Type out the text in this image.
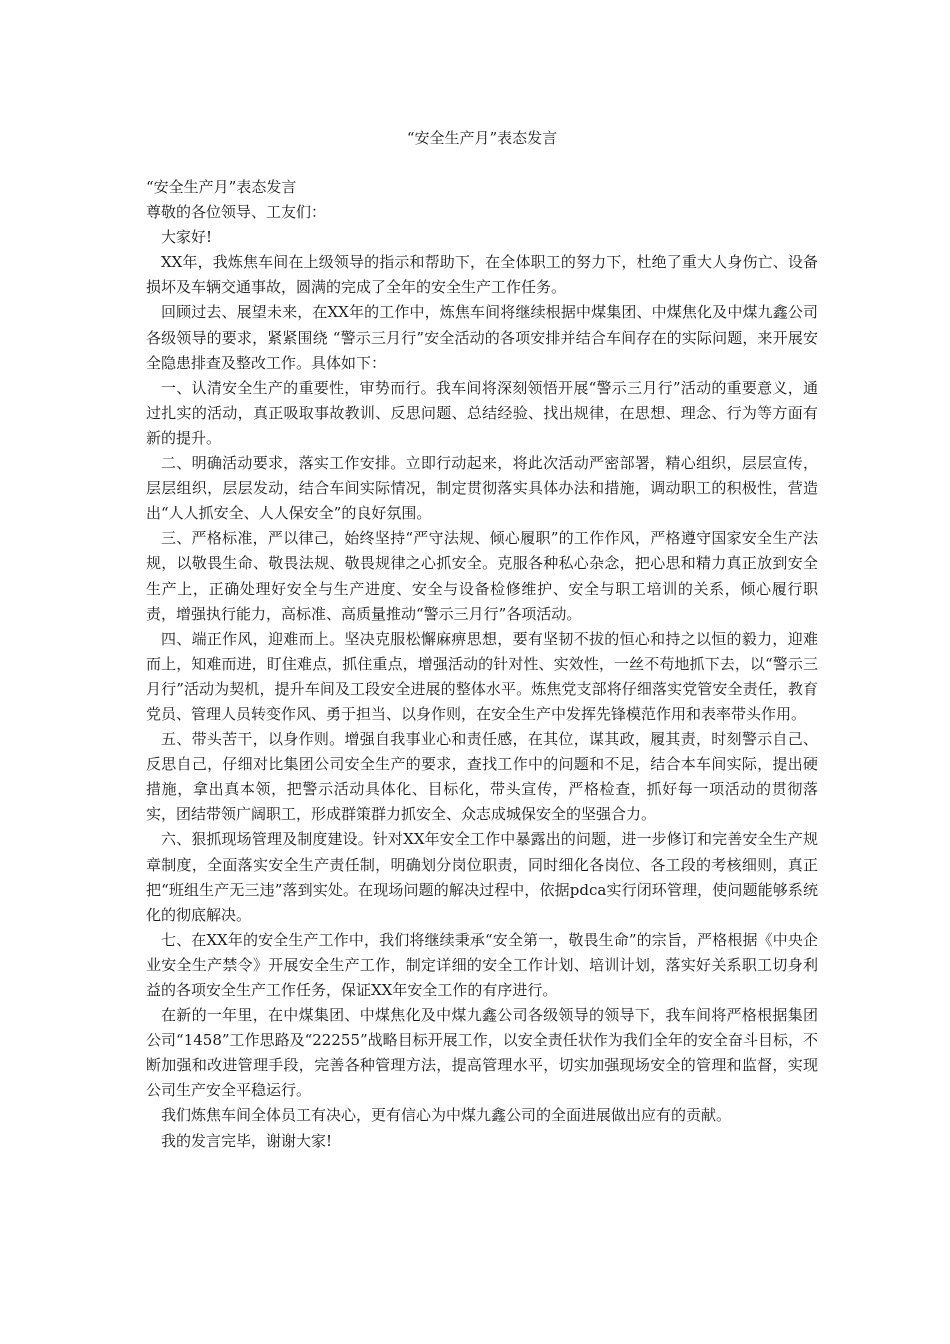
“安全生产月”表态发言

“安全生产月”表态发言

尊敬的各位领导、工友们：

大家好!

XX年，我炼焦车间在上级领导的指示和帮助下，在全体职工的努力下，杜绝了重大人身伤亡、设备损坏及车辆交通事故，圆满的完成了全年的安全生产工作任务。

回顾过去、展望未来，在XX年的工作中，炼焦车间将继续根据中煤集团、中煤焦化及中煤九鑫公司各级领导的要求，紧紧围绕 “警示三月行”安全活动的各项安排并结合车间存在的实际问题，来开展安全隐患排查及整改工作。具体如下：

一、认清安全生产的重要性，审势而行。我车间将深刻领悟开展“警示三月行”活动的重要意义，通过扎实的活动，真正吸取事故教训、反思问题、总结经验、找出规律，在思想、理念、行为等方面有新的提升。

二、明确活动要求，落实工作安排。立即行动起来，将此次活动严密部署，精心组织，层层宣传，层层组织，层层发动，结合车间实际情况，制定贯彻落实具体办法和措施，调动职工的积极性，营造出“人人抓安全、人人保安全”的良好氛围。

三、严格标准，严以律己，始终坚持“严守法规、倾心履职”的工作作风，严格遵守国家安全生产法规，以敬畏生命、敬畏法规、敬畏规律之心抓安全。克服各种私心杂念，把心思和精力真正放到安全生产上，正确处理好安全与生产进度、安全与设备检修维护、安全与职工培训的关系，倾心履行职责，增强执行能力，高标准、高质量推动“警示三月行”各项活动。

四、端正作风，迎难而上。坚决克服松懈麻痹思想，要有坚韧不拔的恒心和持之以恒的毅力，迎难而上，知难而进，盯住难点，抓住重点，增强活动的针对性、实效性，一丝不苟地抓下去，以“警示三月行”活动为契机，提升车间及工段安全进展的整体水平。炼焦党支部将仔细落实党管安全责任，教育党员、管理人员转变作风、勇于担当、以身作则，在安全生产中发挥先锋模范作用和表率带头作用。

五、带头苦干，以身作则。增强自我事业心和责任感，在其位，谋其政，履其责，时刻警示自己、反思自己，仔细对比集团公司安全生产的要求，查找工作中的问题和不足，结合本车间实际，提出硬措施，拿出真本领，把警示活动具体化、目标化，带头宣传，严格检查，抓好每一项活动的贯彻落实，团结带领广阔职工，形成群策群力抓安全、众志成城保安全的坚强合力。

六、狠抓现场管理及制度建设。针对XX年安全工作中暴露出的问题，进一步修订和完善安全生产规章制度，全面落实安全生产责任制，明确划分岗位职责，同时细化各岗位、各工段的考核细则，真正把“班组生产无三违”落到实处。在现场问题的解决过程中，依据pdca实行闭环管理，使问题能够系统化的彻底解决。

七、在XX年的安全生产工作中，我们将继续秉承“安全第一，敬畏生命”的宗旨，严格根据《中央企业安全生产禁令》开展安全生产工作，制定详细的安全工作计划、培训计划，落实好关系职工切身利益的各项安全生产工作任务，保证XX年安全工作的有序进行。

在新的一年里，在中煤集团、中煤焦化及中煤九鑫公司各级领导的领导下，我车间将严格根据集团公司“1458”工作思路及“22255”战略目标开展工作，以安全责任状作为我们全年的安全奋斗目标，不断加强和改进管理手段，完善各种管理方法，提高管理水平，切实加强现场安全的管理和监督，实现公司生产安全平稳运行。

我们炼焦车间全体员工有决心，更有信心为中煤九鑫公司的全面进展做出应有的贡献。

我的发言完毕，谢谢大家!
